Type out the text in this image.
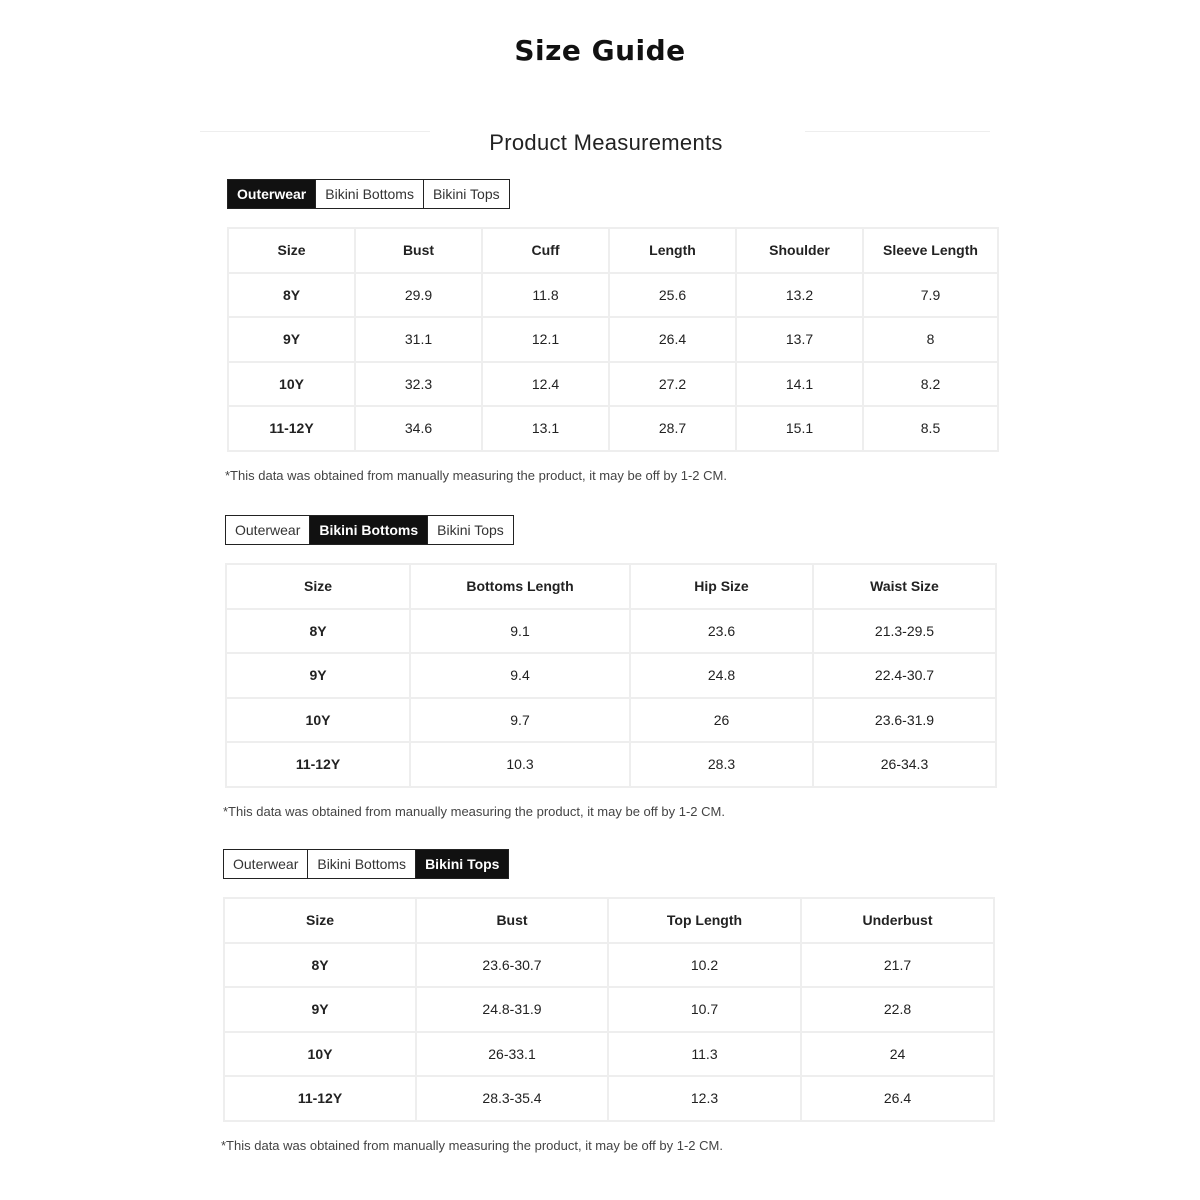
Size Guide
Product Measurements
Outerwear	Bikini Bottoms	Bikini Tops
Size	Bust	Cuff	Length	Shoulder	Sleeve Length
8Y	29.9	11.8	25.6	13.2	7.9
9Y	31.1	12.1	26.4	13.7	8
10Y	32.3	12.4	27.2	14.1	8.2
11-12Y	34.6	13.1	28.7	15.1	8.5
*This data was obtained from manually measuring the product, it may be off by 1-2 CM.
Outerwear	Bikini Bottoms	Bikini Tops
Size	Bottoms Length	Hip Size	Waist Size
8Y	9.1	23.6	21.3-29.5
9Y	9.4	24.8	22.4-30.7
10Y	9.7	26	23.6-31.9
11-12Y	10.3	28.3	26-34.3
*This data was obtained from manually measuring the product, it may be off by 1-2 CM.
Outerwear	Bikini Bottoms	Bikini Tops
Size	Bust	Top Length	Underbust
8Y	23.6-30.7	10.2	21.7
9Y	24.8-31.9	10.7	22.8
10Y	26-33.1	11.3	24
11-12Y	28.3-35.4	12.3	26.4
*This data was obtained from manually measuring the product, it may be off by 1-2 CM.
